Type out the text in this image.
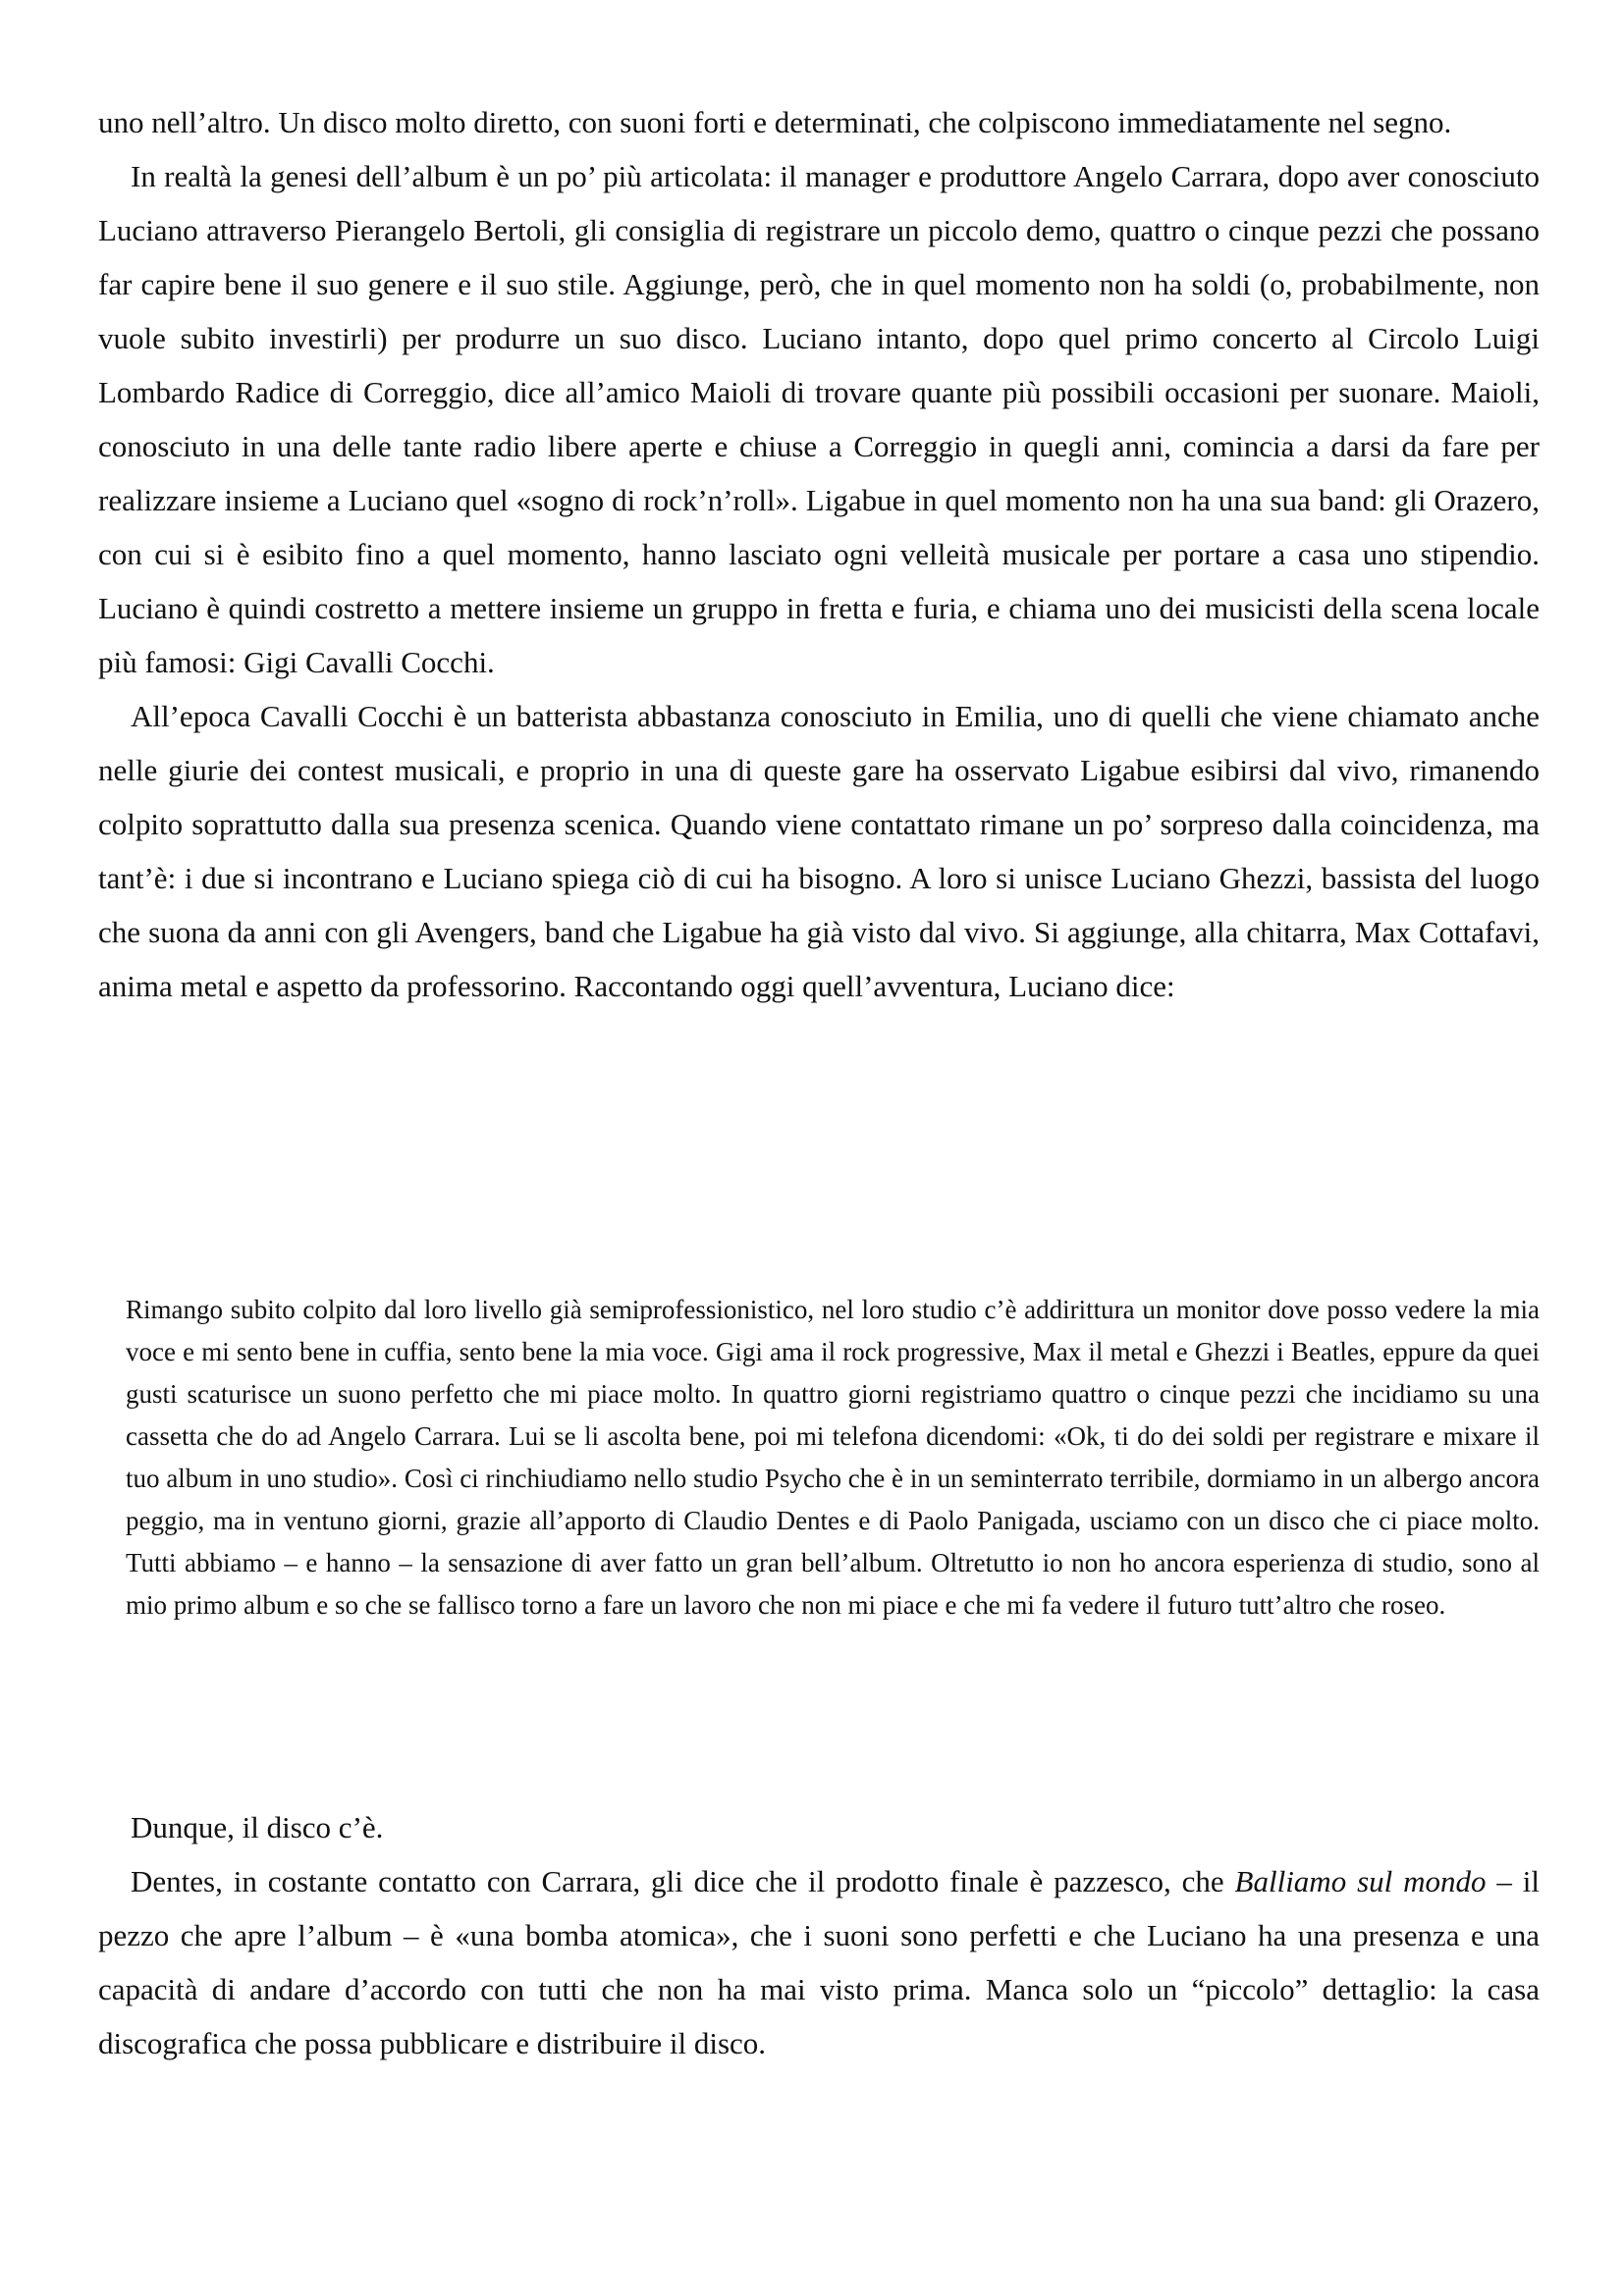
uno nell’altro. Un disco molto diretto, con suoni forti e determinati, che colpiscono immediatamente nel segno.

In realtà la genesi dell’album è un po’ più articolata: il manager e produttore Angelo Carrara, dopo aver conosciuto Luciano attraverso Pierangelo Bertoli, gli consiglia di registrare un piccolo demo, quattro o cinque pezzi che possano far capire bene il suo genere e il suo stile. Aggiunge, però, che in quel momento non ha soldi (o, probabilmente, non vuole subito investirli) per produrre un suo disco. Luciano intanto, dopo quel primo concerto al Circolo Luigi Lombardo Radice di Correggio, dice all’amico Maioli di trovare quante più possibili occasioni per suonare. Maioli, conosciuto in una delle tante radio libere aperte e chiuse a Correggio in quegli anni, comincia a darsi da fare per realizzare insieme a Luciano quel «sogno di rock’n’roll». Ligabue in quel momento non ha una sua band: gli Orazero, con cui si è esibito fino a quel momento, hanno lasciato ogni velleità musicale per portare a casa uno stipendio. Luciano è quindi costretto a mettere insieme un gruppo in fretta e furia, e chiama uno dei musicisti della scena locale più famosi: Gigi Cavalli Cocchi.

All’epoca Cavalli Cocchi è un batterista abbastanza conosciuto in Emilia, uno di quelli che viene chiamato anche nelle giurie dei contest musicali, e proprio in una di queste gare ha osservato Ligabue esibirsi dal vivo, rimanendo colpito soprattutto dalla sua presenza scenica. Quando viene contattato rimane un po’ sorpreso dalla coincidenza, ma tant’è: i due si incontrano e Luciano spiega ciò di cui ha bisogno. A loro si unisce Luciano Ghezzi, bassista del luogo che suona da anni con gli Avengers, band che Ligabue ha già visto dal vivo. Si aggiunge, alla chitarra, Max Cottafavi, anima metal e aspetto da professorino. Raccontando oggi quell’avventura, Luciano dice:

Rimango subito colpito dal loro livello già semiprofessionistico, nel loro studio c’è addirittura un monitor dove posso vedere la mia voce e mi sento bene in cuffia, sento bene la mia voce. Gigi ama il rock progressive, Max il metal e Ghezzi i Beatles, eppure da quei gusti scaturisce un suono perfetto che mi piace molto. In quattro giorni registriamo quattro o cinque pezzi che incidiamo su una cassetta che do ad Angelo Carrara. Lui se li ascolta bene, poi mi telefona dicendomi: «Ok, ti do dei soldi per registrare e mixare il tuo album in uno studio». Così ci rinchiudiamo nello studio Psycho che è in un seminterrato terribile, dormiamo in un albergo ancora peggio, ma in ventuno giorni, grazie all’apporto di Claudio Dentes e di Paolo Panigada, usciamo con un disco che ci piace molto. Tutti abbiamo – e hanno – la sensazione di aver fatto un gran bell’album. Oltretutto io non ho ancora esperienza di studio, sono al mio primo album e so che se fallisco torno a fare un lavoro che non mi piace e che mi fa vedere il futuro tutt’altro che roseo.

Dunque, il disco c’è.

Dentes, in costante contatto con Carrara, gli dice che il prodotto finale è pazzesco, che Balliamo sul mondo – il pezzo che apre l’album – è «una bomba atomica», che i suoni sono perfetti e che Luciano ha una presenza e una capacità di andare d’accordo con tutti che non ha mai visto prima. Manca solo un “piccolo” dettaglio: la casa discografica che possa pubblicare e distribuire il disco.
